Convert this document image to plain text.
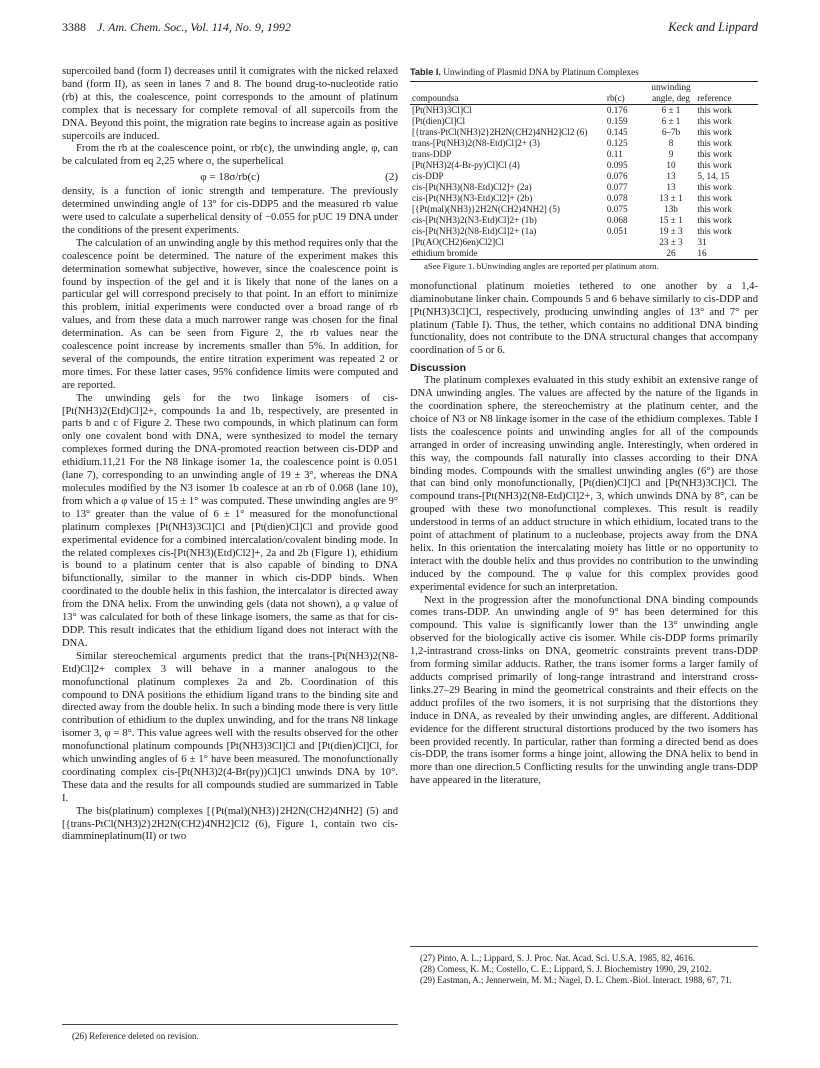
3388 J. Am. Chem. Soc., Vol. 114, No. 9, 1992	Keck and Lippard

supercoiled band (form I) decreases until it comigrates with the nicked relaxed band (form II), as seen in lanes 7 and 8. The bound drug-to-nucleotide ratio (rb) at this, the coalescence, point corresponds to the amount of platinum complex that is necessary for complete removal of all supercoils from the DNA. Beyond this point, the migration rate begins to increase again as positive supercoils are induced.

From the rb at the coalescence point, or rb(c), the unwinding angle, φ, can be calculated from eq 2,25 where σ, the superhelical

φ = 18σ/rb(c)	(2)

density, is a function of ionic strength and temperature. The previously determined unwinding angle of 13° for cis-DDP5 and the measured rb value were used to calculate a superhelical density of −0.055 for pUC 19 DNA under the conditions of the present experiments.

The calculation of an unwinding angle by this method requires only that the coalescence point be determined. The nature of the experiment makes this determination somewhat subjective, however, since the coalescence point is found by inspection of the gel and it is likely that none of the lanes on a particular gel will correspond precisely to that point. In an effort to minimize this problem, initial experiments were conducted over a broad range of rb values, and from these data a much narrower range was chosen for the final determination. As can be seen from Figure 2, the rb values near the coalescence point increase by increments smaller than 5%. In addition, for several of the compounds, the entire titration experiment was repeated 2 or more times. For these latter cases, 95% confidence limits were computed and are reported.

The unwinding gels for the two linkage isomers of cis-[Pt(NH3)2(Etd)Cl]2+, compounds 1a and 1b, respectively, are presented in parts b and c of Figure 2. These two compounds, in which platinum can form only one covalent bond with DNA, were synthesized to model the ternary complexes formed during the DNA-promoted reaction between cis-DDP and ethidium.11,21 For the N8 linkage isomer 1a, the coalescence point is 0.051 (lane 7), corresponding to an unwinding angle of 19 ± 3°, whereas the DNA molecules modified by the N3 isomer 1b coalesce at an rb of 0.068 (lane 10), from which a φ value of 15 ± 1° was computed. These unwinding angles are 9° to 13° greater than the value of 6 ± 1° measured for the monofunctional platinum complexes [Pt(NH3)3Cl]Cl and [Pt(dien)Cl]Cl and provide good experimental evidence for a combined intercalation/covalent binding mode. In the related complexes cis-[Pt(NH3)(Etd)Cl2]+, 2a and 2b (Figure 1), ethidium is bound to a platinum center that is also capable of binding to DNA bifunctionally, similar to the manner in which cis-DDP binds. When coordinated to the double helix in this fashion, the intercalator is directed away from the DNA helix. From the unwinding gels (data not shown), a φ value of 13° was calculated for both of these linkage isomers, the same as that for cis-DDP. This result indicates that the ethidium ligand does not interact with the DNA.

Similar stereochemical arguments predict that the trans-[Pt(NH3)2(N8-Etd)Cl]2+ complex 3 will behave in a manner analogous to the monofunctional platinum complexes 2a and 2b. Coordination of this compound to DNA positions the ethidium ligand trans to the binding site and directed away from the double helix. In such a binding mode there is very little contribution of ethidium to the duplex unwinding, and for the trans N8 linkage isomer 3, φ = 8°. This value agrees well with the results observed for the other monofunctional platinum compounds [Pt(NH3)3Cl]Cl and [Pt(dien)Cl]Cl, for which unwinding angles of 6 ± 1° have been measured. The monofunctionally coordinating complex cis-[Pt(NH3)2(4-Br(py))Cl]Cl unwinds DNA by 10°. These data and the results for all compounds studied are summarized in Table I.

The bis(platinum) complexes [{Pt(mal)(NH3)}2H2N(CH2)4NH2] (5) and [{trans-PtCl(NH3)2}2H2N(CH2)4NH2]Cl2 (6), Figure 1, contain two cis-diammineplatinum(II) or two

(26) Reference deleted on revision.

Table I. Unwinding of Plasmid DNA by Platinum Complexes
compoundsa	rb(c)	unwinding angle, deg	reference
[Pt(NH3)3Cl]Cl	0.176	6 ± 1	this work
[Pt(dien)Cl]Cl	0.159	6 ± 1	this work
[{trans-PtCl(NH3)2}2H2N(CH2)4NH2]Cl2 (6)	0.145	6–7b	this work
trans-[Pt(NH3)2(N8-Etd)Cl]2+ (3)	0.125	8	this work
trans-DDP	0.11	9	this work
[Pt(NH3)2(4-Br-py)Cl]Cl (4)	0.095	10	this work
cis-DDP	0.076	13	5, 14, 15
cis-[Pt(NH3)(N8-Etd)Cl2]+ (2a)	0.077	13	this work
cis-[Pt(NH3)(N3-Etd)Cl2]+ (2b)	0.078	13 ± 1	this work
[{Pt(mal)(NH3)}2H2N(CH2)4NH2] (5)	0.075	13b	this work
cis-[Pt(NH3)2(N3-Etd)Cl]2+ (1b)	0.068	15 ± 1	this work
cis-[Pt(NH3)2(N8-Etd)Cl]2+ (1a)	0.051	19 ± 3	this work
[Pt(AO(CH2)6en)Cl2]Cl		23 ± 3	31
ethidium bromide		26	16

aSee Figure 1. bUnwinding angles are reported per platinum atom.

monofunctional platinum moieties tethered to one another by a 1,4-diaminobutane linker chain. Compounds 5 and 6 behave similarly to cis-DDP and [Pt(NH3)3Cl]Cl, respectively, producing unwinding angles of 13° and 7° per platinum (Table I). Thus, the tether, which contains no additional DNA binding functionality, does not contribute to the DNA structural changes that accompany coordination of 5 or 6.

Discussion

The platinum complexes evaluated in this study exhibit an extensive range of DNA unwinding angles. The values are affected by the nature of the ligands in the coordination sphere, the stereochemistry at the platinum center, and the choice of N3 or N8 linkage isomer in the case of the ethidium complexes. Table I lists the coalescence points and unwinding angles for all of the compounds arranged in order of increasing unwinding angle. Interestingly, when ordered in this way, the compounds fall naturally into classes according to their DNA binding modes. Compounds with the smallest unwinding angles (6°) are those that can bind only monofunctionally, [Pt(dien)Cl]Cl and [Pt(NH3)3Cl]Cl. The compound trans-[Pt(NH3)2(N8-Etd)Cl]2+, 3, which unwinds DNA by 8°, can be grouped with these two monofunctional complexes. This result is readily understood in terms of an adduct structure in which ethidium, located trans to the point of attachment of platinum to a nucleobase, projects away from the DNA helix. In this orientation the intercalating moiety has little or no opportunity to interact with the double helix and thus provides no contribution to the unwinding induced by the compound. The φ value for this complex provides good experimental evidence for such an interpretation.

Next in the progression after the monofunctional DNA binding compounds comes trans-DDP. An unwinding angle of 9° has been determined for this compound. This value is significantly lower than the 13° unwinding angle observed for the biologically active cis isomer. While cis-DDP forms primarily 1,2-intrastrand cross-links on DNA, geometric constraints prevent trans-DDP from forming similar adducts. Rather, the trans isomer forms a larger family of adducts comprised primarily of long-range intrastrand and interstrand cross-links.27–29 Bearing in mind the geometrical constraints and their effects on the adduct profiles of the two isomers, it is not surprising that the distortions they induce in DNA, as revealed by their unwinding angles, are different. Additional evidence for the different structural distortions produced by the two isomers has been provided recently. In particular, rather than forming a directed bend as does cis-DDP, the trans isomer forms a hinge joint, allowing the DNA helix to bend in more than one direction.5 Conflicting results for the unwinding angle trans-DDP have appeared in the literature,

(27) Pinto, A. L.; Lippard, S. J. Proc. Nat. Acad. Sci. U.S.A. 1985, 82, 4616.

(28) Comess, K. M.; Costello, C. E.; Lippard, S. J. Biochemistry 1990, 29, 2102.

(29) Eastman, A.; Jennerwein, M. M.; Nagel, D. L. Chem.-Biol. Interact. 1988, 67, 71.
